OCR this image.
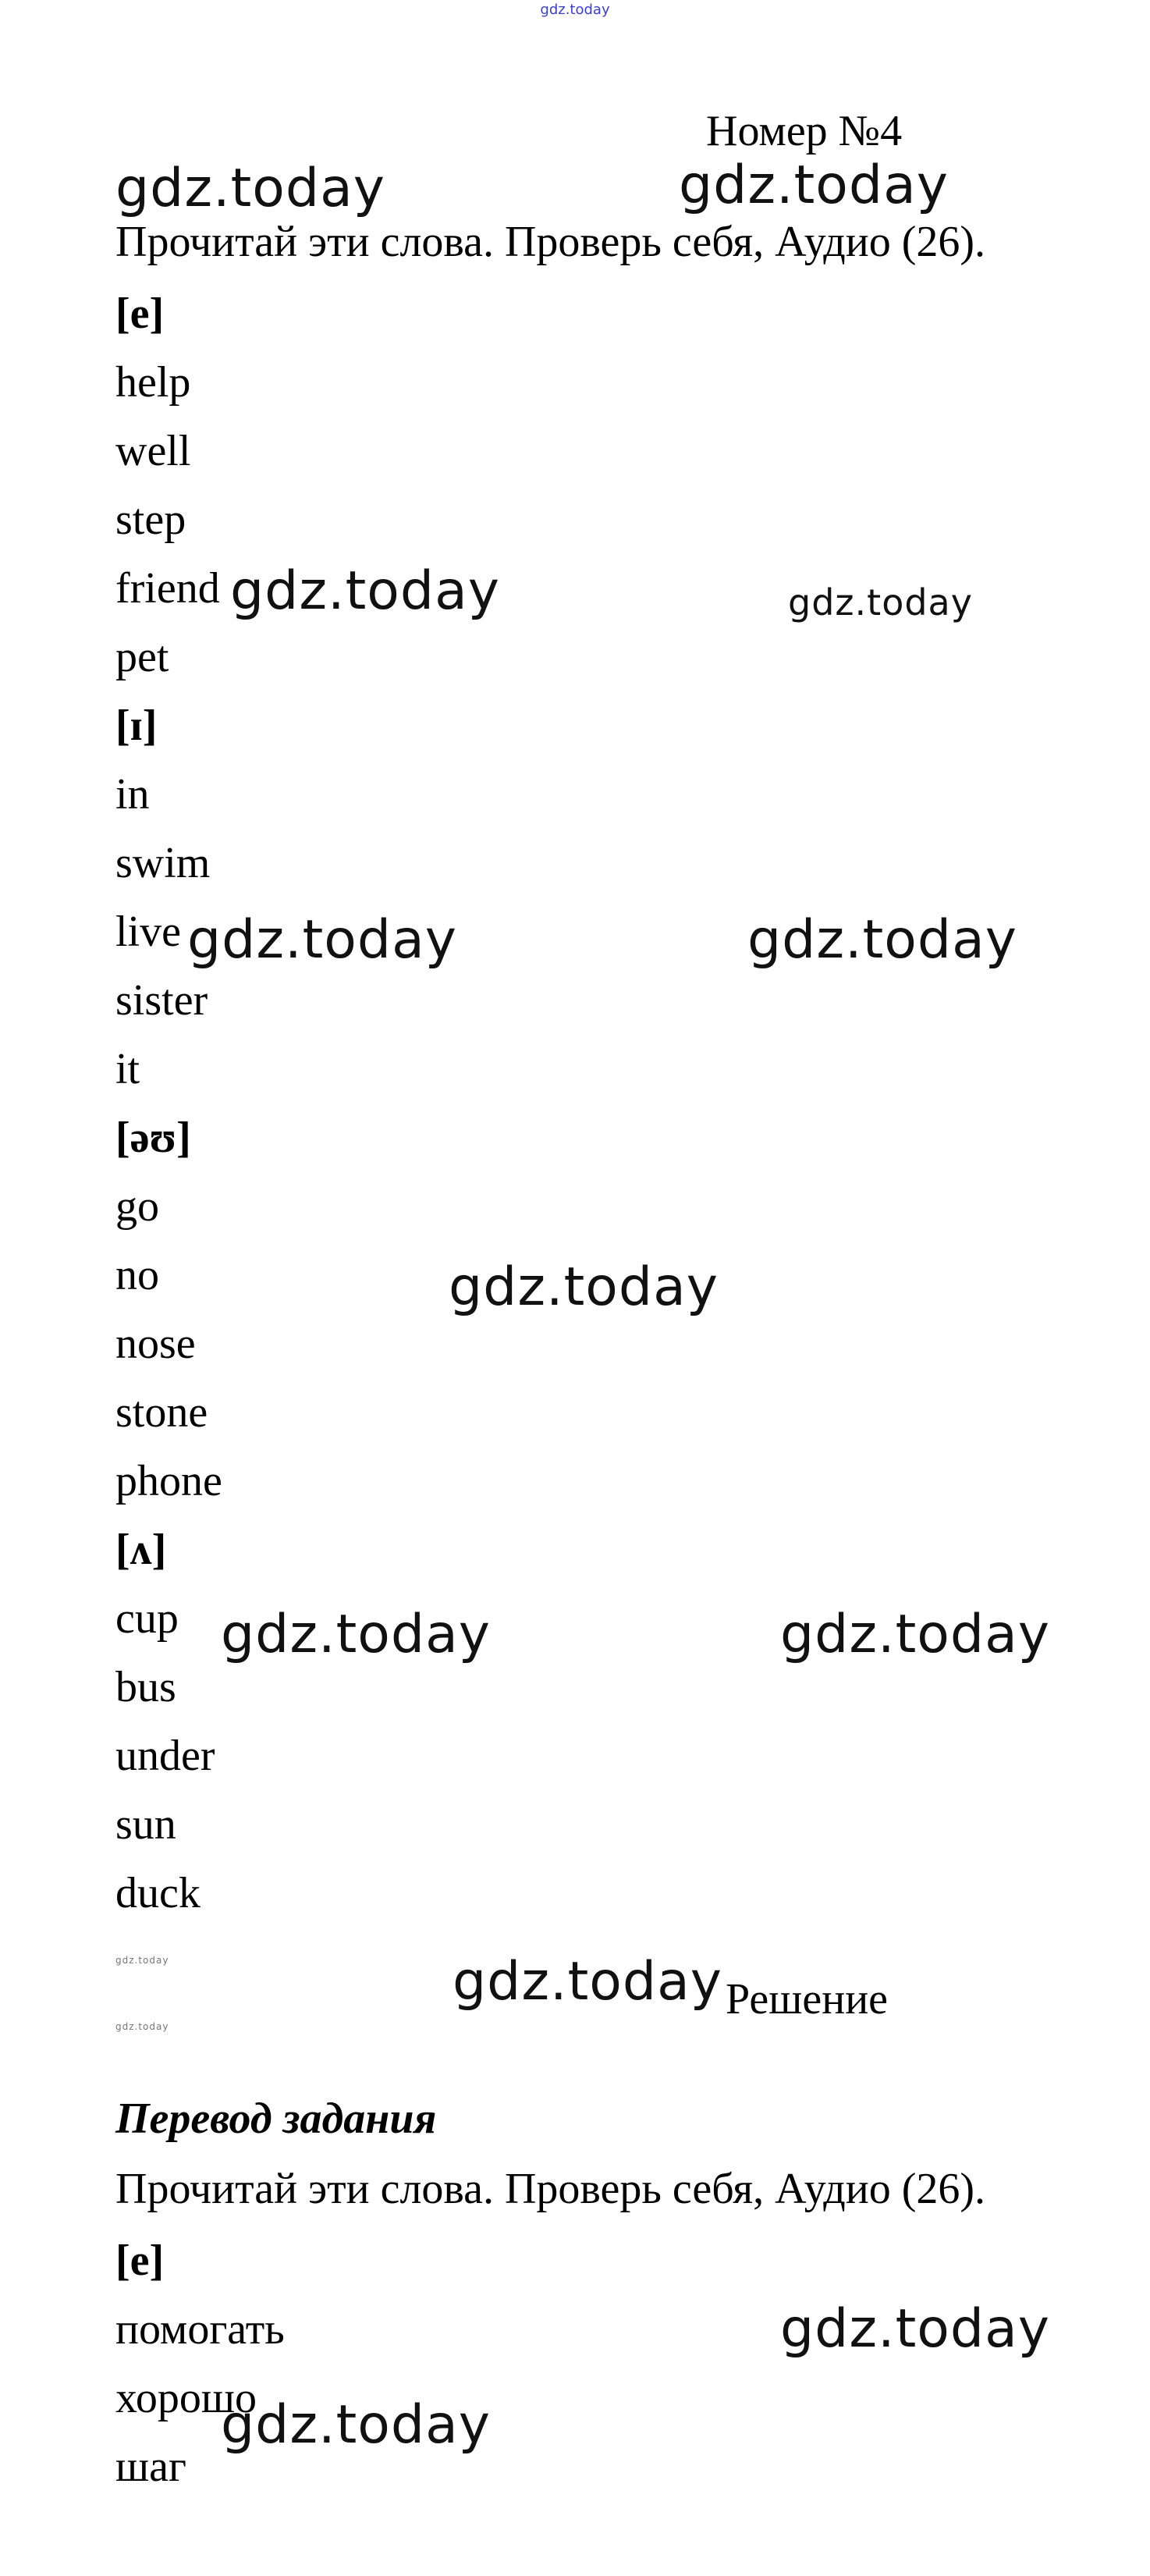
gdz.today
Номер №4
Прочитай эти слова. Проверь себя, Аудио (26).
[e]
help
well
step
friend
pet
[ɪ]
in
swim
live
sister
it
[əʊ]
go
no
nose
stone
phone
[ʌ]
cup
bus
under
sun
duck
Решение
Перевод задания
Прочитай эти слова. Проверь себя, Аудио (26).
[e]
помогать
хорошо
шаг
gdz.today	gdz.today
gdz.today	gdz.today
gdz.today	gdz.today
gdz.today
gdz.today	gdz.today
gdz.today	gdz.today
gdz.today
gdz.today
gdz.today
